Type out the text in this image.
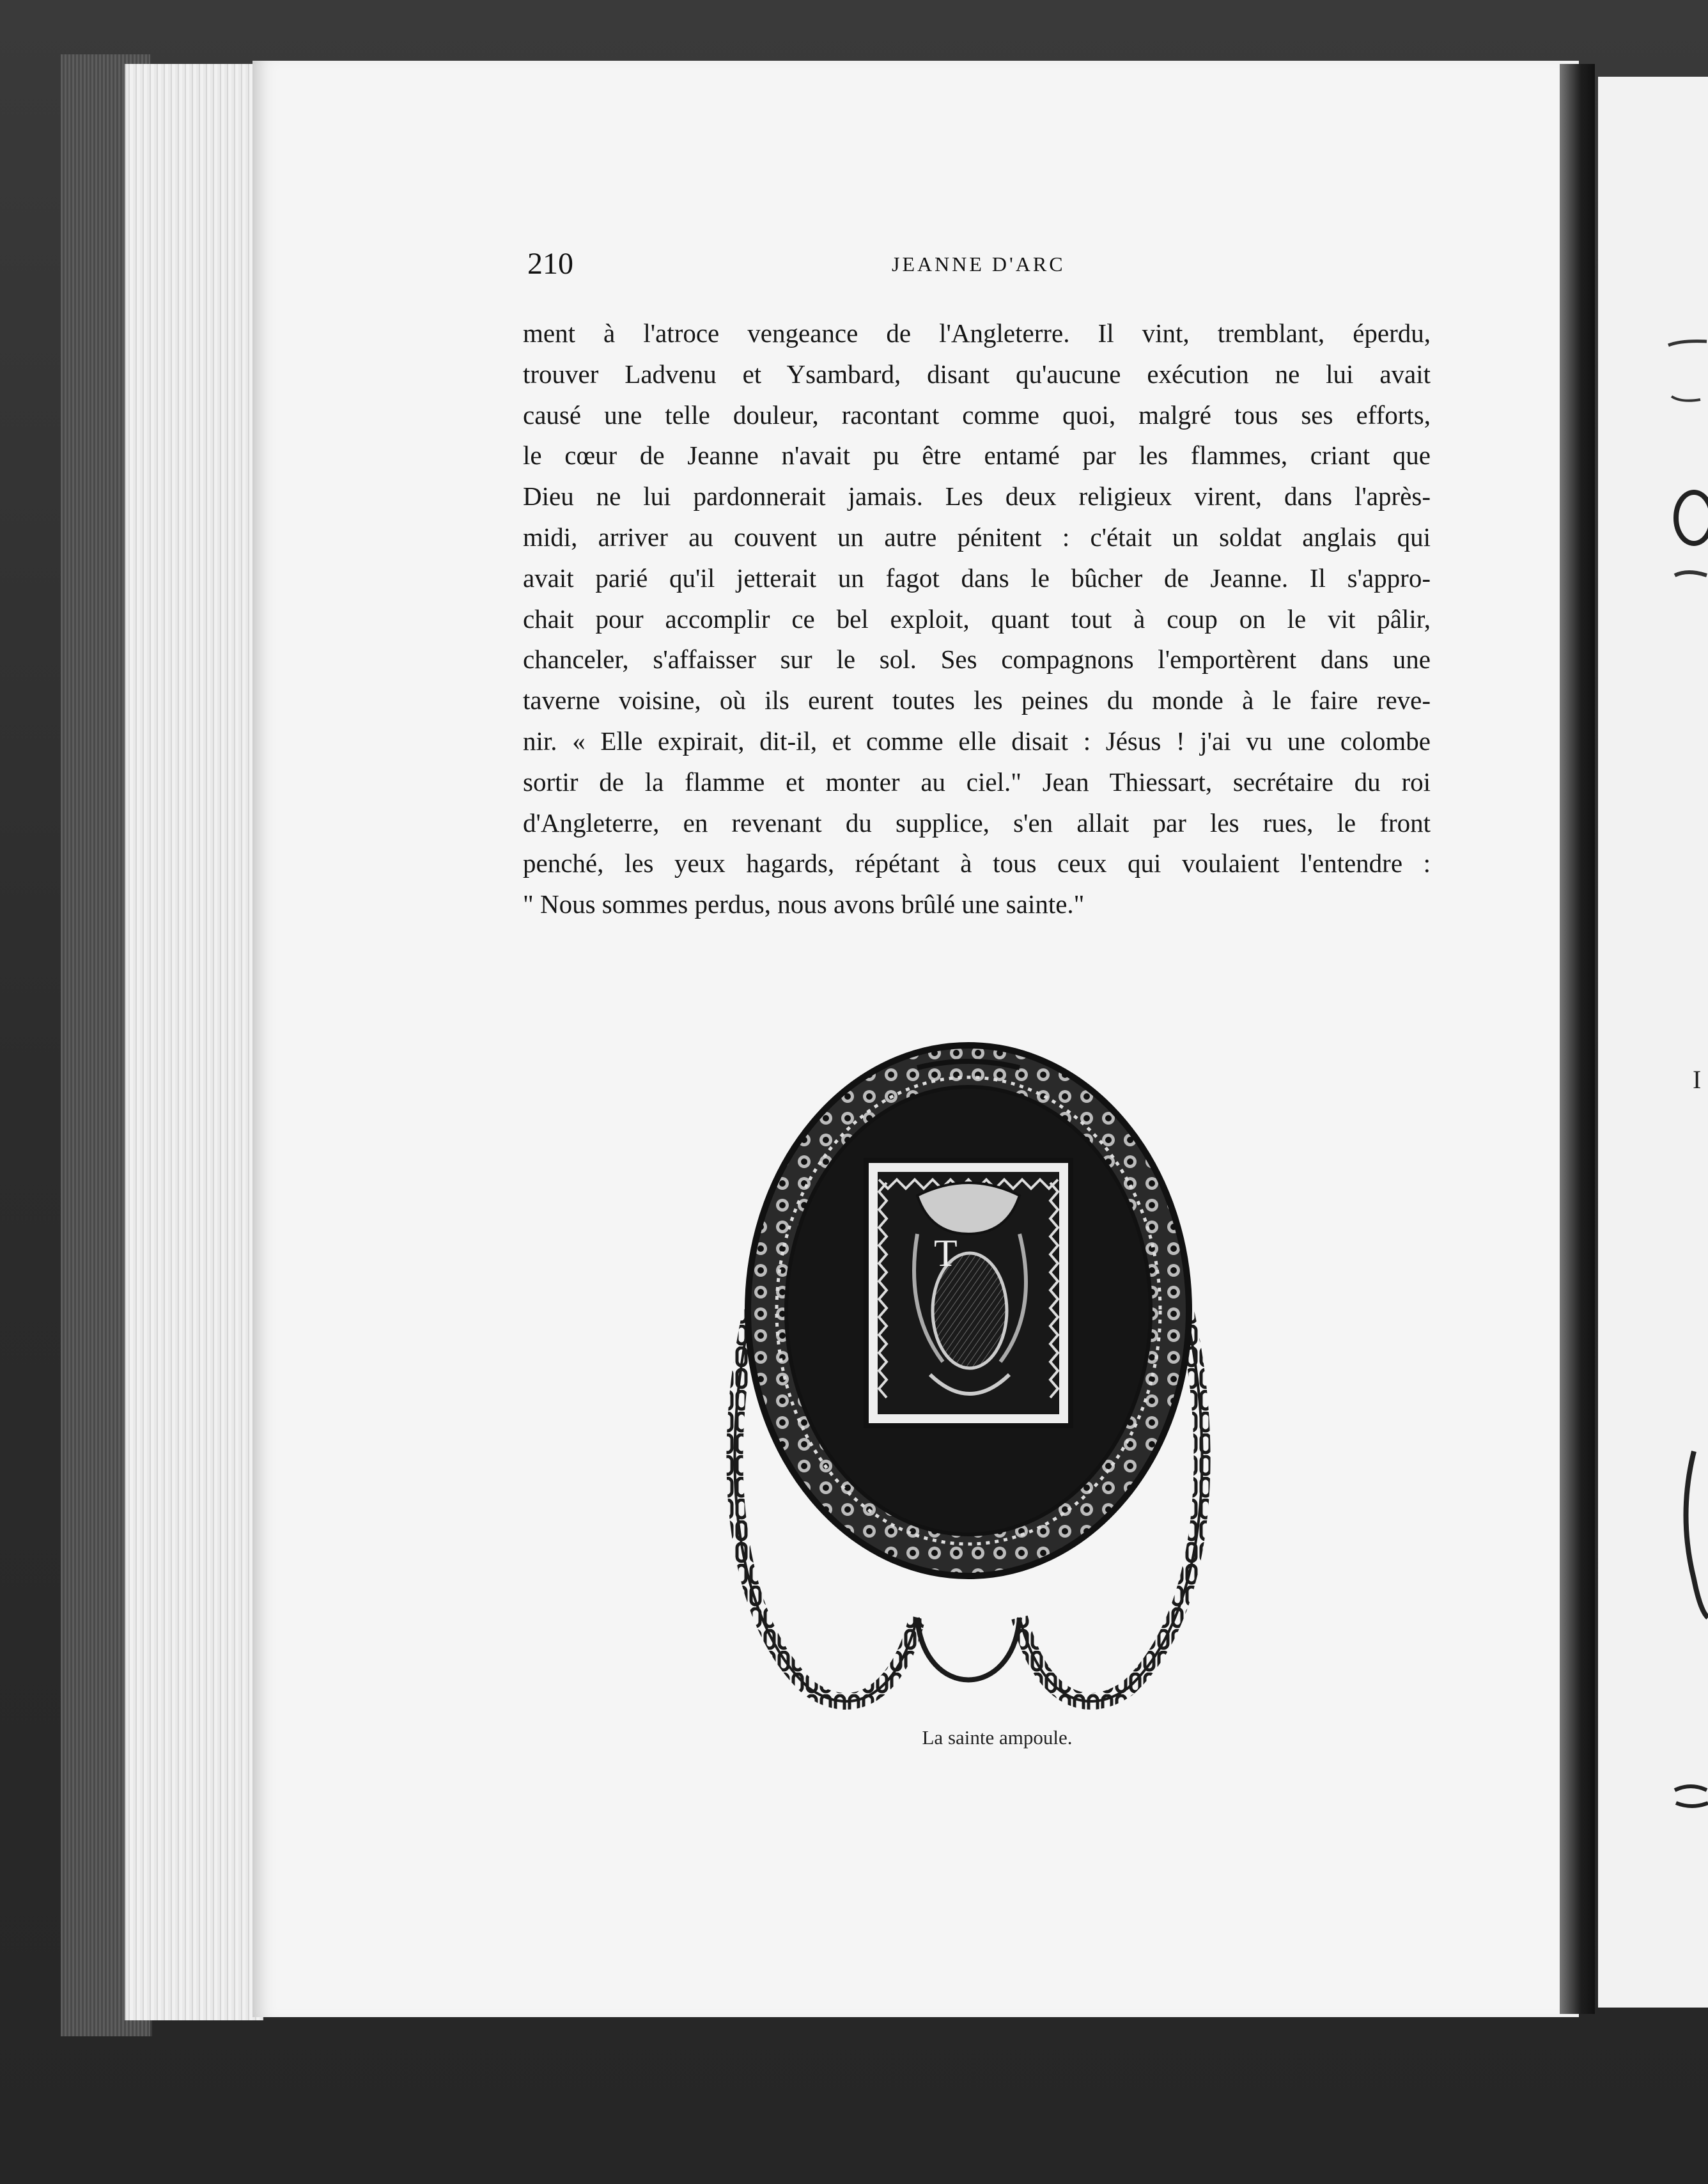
I
210	JEANNE D'ARC
ment à l'atroce vengeance de l'Angleterre. Il vint, tremblant, éperdu,
trouver Ladvenu et Ysambard, disant qu'aucune exécution ne lui avait
causé une telle douleur, racontant comme quoi, malgré tous ses efforts,
le cœur de Jeanne n'avait pu être entamé par les flammes, criant que
Dieu ne lui pardonnerait jamais. Les deux religieux virent, dans l'après-
midi, arriver au couvent un autre pénitent : c'était un soldat anglais qui
avait parié qu'il jetterait un fagot dans le bûcher de Jeanne. Il s'appro-
chait pour accomplir ce bel exploit, quant tout à coup on le vit pâlir,
chanceler, s'affaisser sur le sol. Ses compagnons l'emportèrent dans une
taverne voisine, où ils eurent toutes les peines du monde à le faire reve-
nir. « Elle expirait, dit-il, et comme elle disait : Jésus ! j'ai vu une colombe
sortir de la flamme et monter au ciel." Jean Thiessart, secrétaire du roi
d'Angleterre, en revenant du supplice, s'en allait par les rues, le front
penché, les yeux hagards, répétant à tous ceux qui voulaient l'entendre :
" Nous sommes perdus, nous avons brûlé une sainte."
T
La sainte ampoule.
